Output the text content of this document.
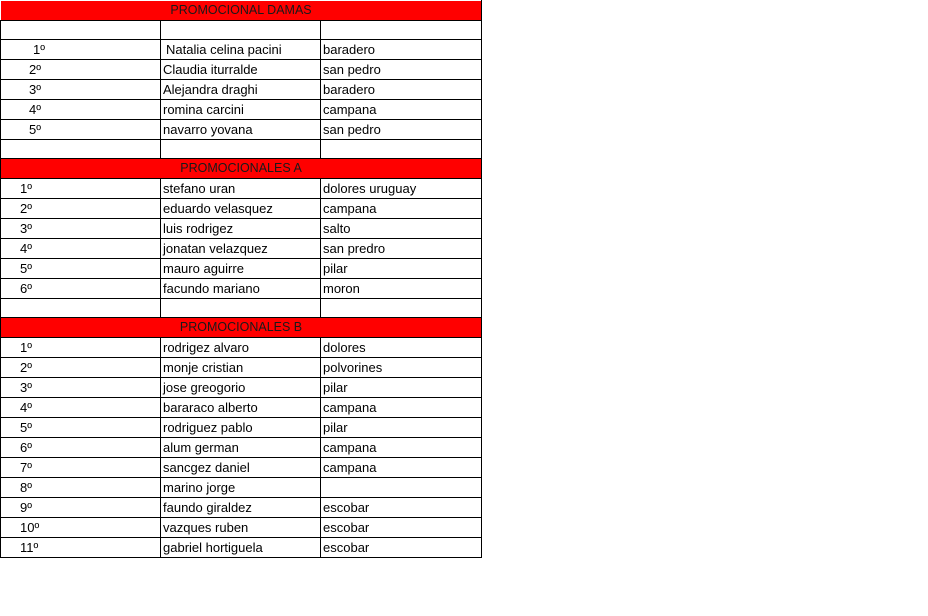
PROMOCIONAL DAMAS		

1º	Natalia celina pacini	baradero
2º	Claudia iturralde	san pedro
3º	Alejandra draghi	baradero
4º	romina carcini	campana
5º	navarro yovana	san pedro

PROMOCIONALES A		
1º	stefano uran	dolores uruguay
2º	eduardo velasquez	campana
3º	luis rodrigez	salto
4º	jonatan velazquez	san predro
5º	mauro aguirre	pilar
6º	facundo mariano	moron

PROMOCIONALES B		
1º	rodrigez alvaro	dolores
2º	monje cristian	polvorines
3º	jose greogorio	pilar
4º	bararaco alberto	campana
5º	rodriguez pablo	pilar
6º	alum german	campana
7º	sancgez daniel	campana
8º	marino jorge	
9º	faundo giraldez	escobar
10º	vazques ruben	escobar
11º	gabriel hortiguela	escobar
